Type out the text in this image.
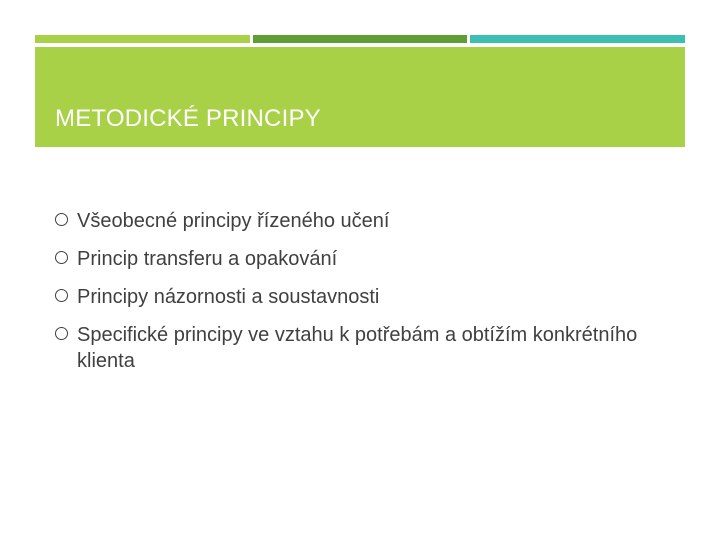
METODICKÉ PRINCIPY
Všeobecné principy řízeného učení
Princip transferu a opakování
Principy názornosti a soustavnosti
Specifické principy ve vztahu k potřebám a obtížím konkrétního klienta
